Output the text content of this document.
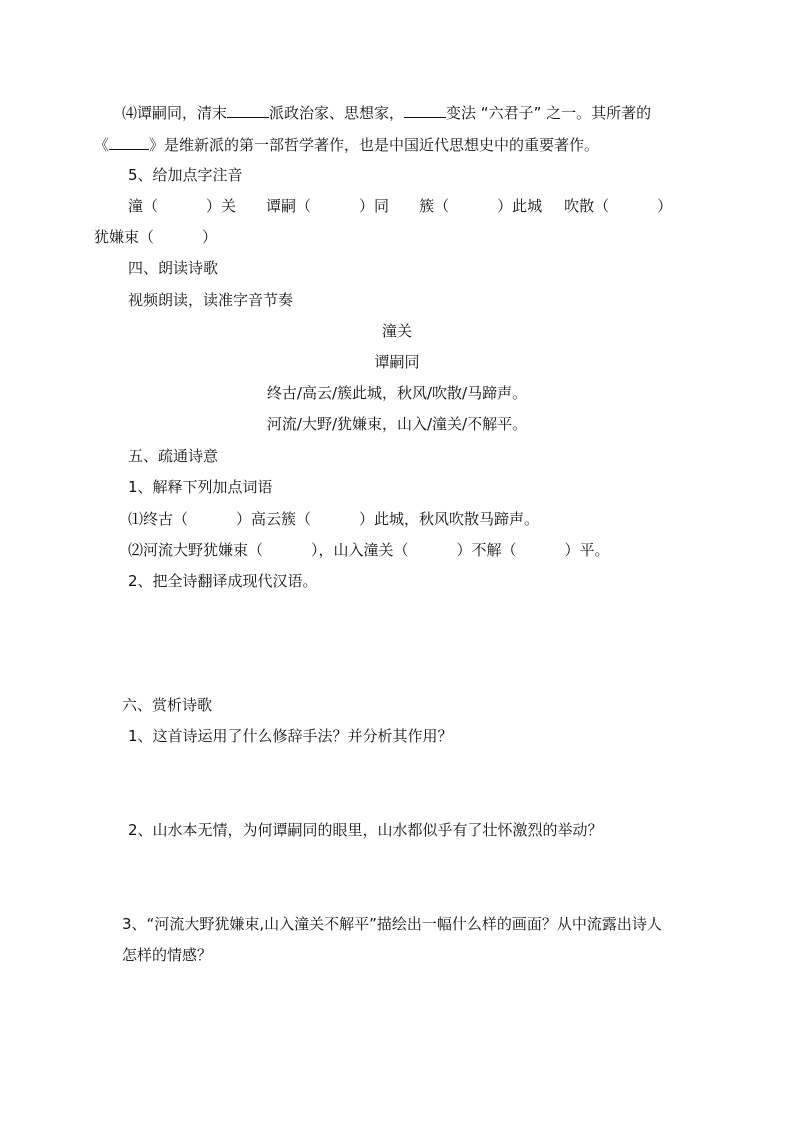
⑷谭嗣同，清末	派政治家、思想家，	变法 “六君子” 之一。其所著的
《	》是维新派的第一部哲学著作，也是中国近代思想史中的重要著作。
5、给加点字注音
潼（	）关 谭嗣（	）同 簇（	）此城 吹散（	）
犹嫌束（	）
四、朗读诗歌
视频朗读，读准字音节奏
潼关
谭嗣同
终古/高云/簇此城，秋风/吹散/马蹄声。
河流/大野/犹嫌束，山入/潼关/不解平。
五、疏通诗意
1、解释下列加点词语
⑴终古（	）高云簇（	）此城，秋风吹散马蹄声。
⑵河流大野犹嫌束（	），山入潼关（	）不解（	）平。
2、把全诗翻译成现代汉语。
六、赏析诗歌
1、这首诗运用了什么修辞手法？并分析其作用？
2、山水本无情，为何谭嗣同的眼里，山水都似乎有了壮怀激烈的举动？
3、“河流大野犹嫌束,山入潼关不解平”描绘出一幅什么样的画面？从中流露出诗人
怎样的情感？
